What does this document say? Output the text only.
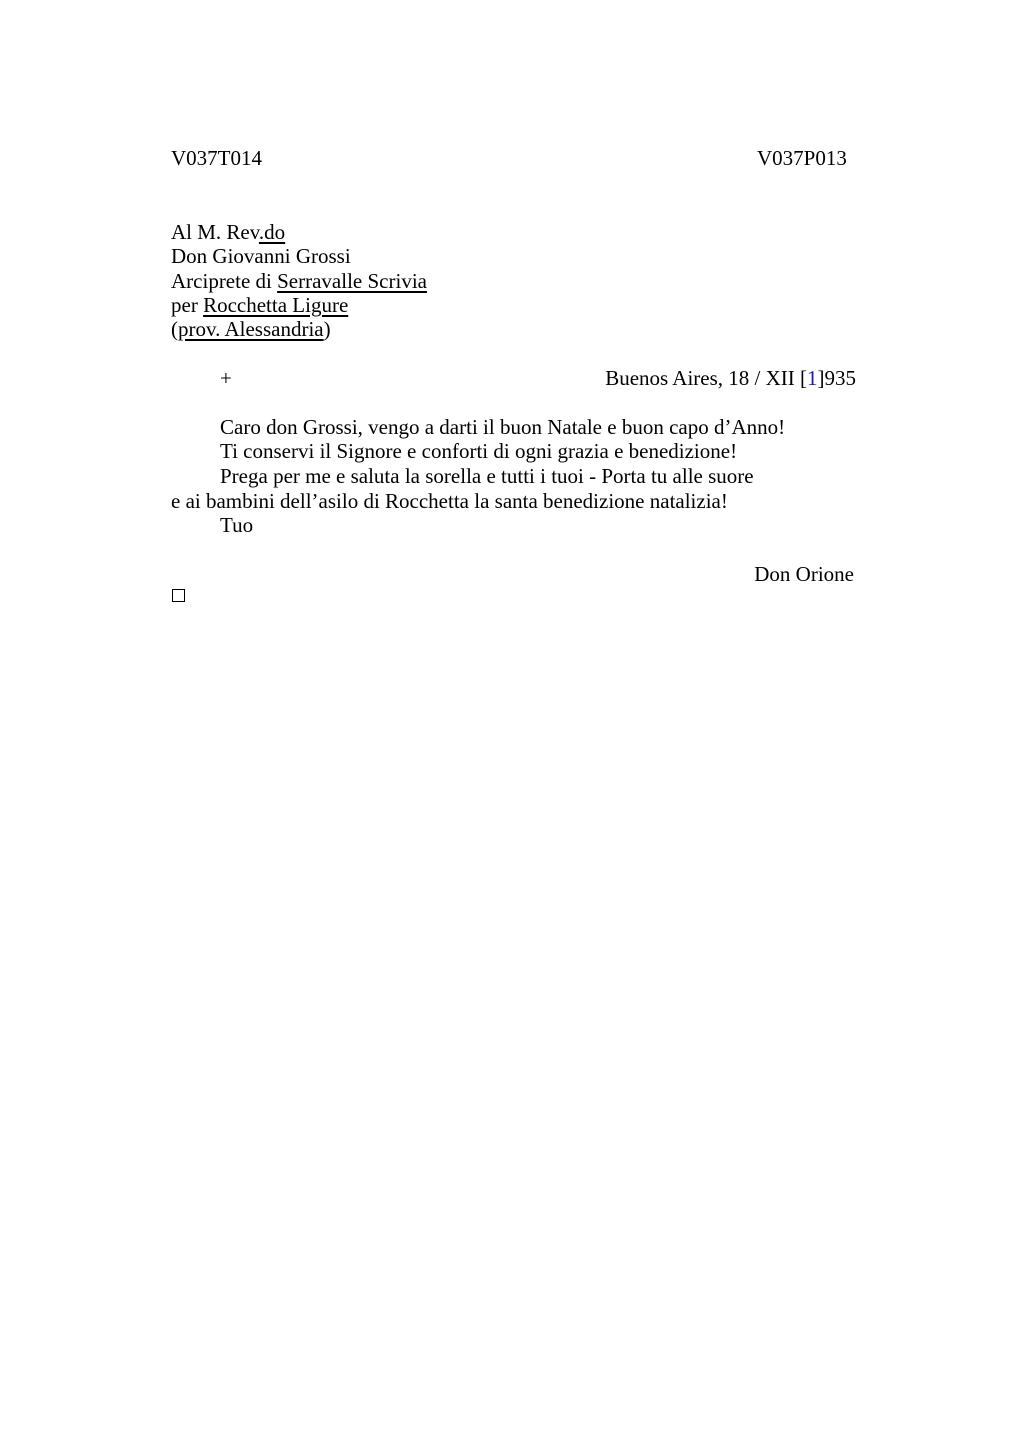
V037T014	V037P013
Al M. Rev.do
Don Giovanni Grossi
Arciprete di Serravalle Scrivia
per Rocchetta Ligure
(prov. Alessandria)
+	Buenos Aires, 18 / XII [1]935
Caro don Grossi, vengo a darti il buon Natale e buon capo d’Anno!
Ti conservi il Signore e conforti di ogni grazia e benedizione!
Prega per me e saluta la sorella e tutti i tuoi - Porta tu alle suore
e ai bambini dell’asilo di Rocchetta la santa benedizione natalizia!
Tuo
Don Orione
